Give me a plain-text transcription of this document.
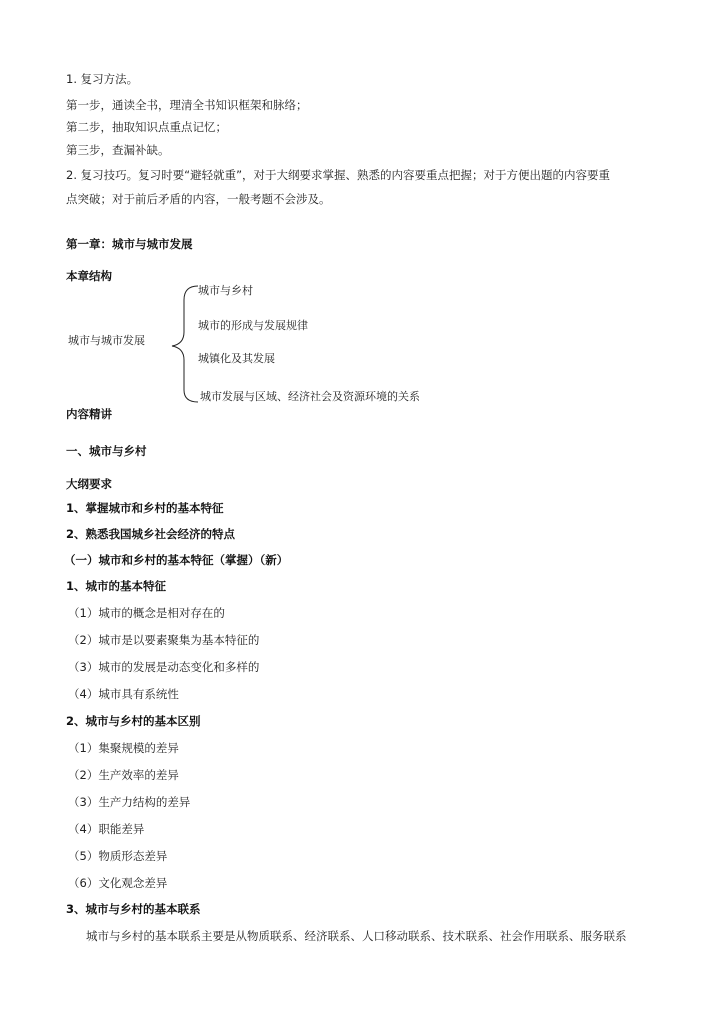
1. 复习方法。
第一步，通读全书，理清全书知识框架和脉络；
第二步，抽取知识点重点记忆；
第三步，查漏补缺。
2. 复习技巧。复习时要“避轻就重”，对于大纲要求掌握、熟悉的内容要重点把握；对于方便出题的内容要重
点突破；对于前后矛盾的内容，一般考题不会涉及。
第一章：城市与城市发展
本章结构
城市与城市发展
城市与乡村
城市的形成与发展规律
城镇化及其发展
城市发展与区域、经济社会及资源环境的关系
内容精讲
一、城市与乡村
大纲要求
1、掌握城市和乡村的基本特征
2、熟悉我国城乡社会经济的特点
（一）城市和乡村的基本特征（掌握）（新）
1、城市的基本特征
（1）城市的概念是相对存在的
（2）城市是以要素聚集为基本特征的
（3）城市的发展是动态变化和多样的
（4）城市具有系统性
2、城市与乡村的基本区别
（1）集聚规模的差异
（2）生产效率的差异
（3）生产力结构的差异
（4）职能差异
（5）物质形态差异
（6）文化观念差异
3、城市与乡村的基本联系
城市与乡村的基本联系主要是从物质联系、经济联系、人口移动联系、技术联系、社会作用联系、服务联系
